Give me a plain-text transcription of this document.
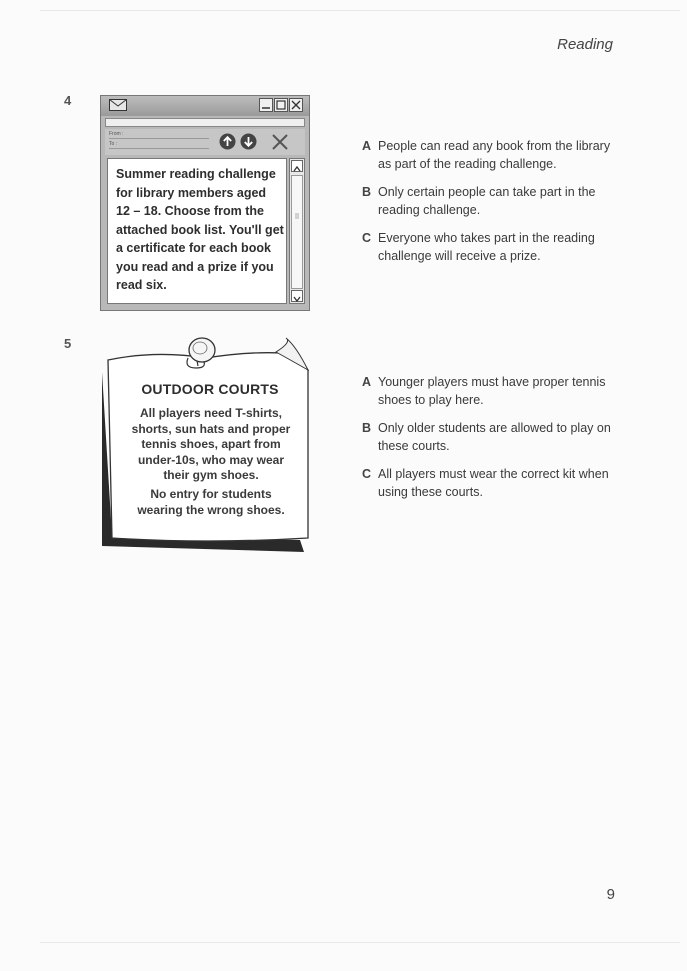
Reading
4
From :
To :
Summer reading challenge
for library members aged
12 – 18. Choose from the
attached book list. You'll get
a certificate for each book
you read and a prize if you
read six.
A People can read any book from the library as part of the reading challenge.
B Only certain people can take part in the reading challenge.
C Everyone who takes part in the reading challenge will receive a prize.
5
OUTDOOR COURTS
All players need T-shirts,
shorts, sun hats and proper
tennis shoes, apart from
under-10s, who may wear
their gym shoes.
No entry for students
wearing the wrong shoes.
A Younger players must have proper tennis shoes to play here.
B Only older students are allowed to play on these courts.
C All players must wear the correct kit when using these courts.
9
